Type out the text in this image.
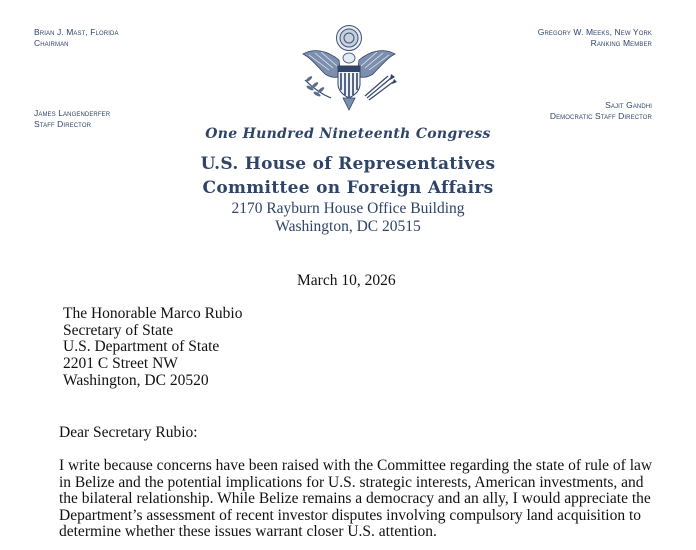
Brian J. Mast, Florida
Chairman
Gregory W. Meeks, New York
Ranking Member
James Langenderfer
Staff Director
Sajit Gandhi
Democratic Staff Director
One Hundred Nineteenth Congress
U.S. House of Representatives
Committee on Foreign Affairs
2170 Rayburn House Office Building
Washington, DC 20515
March 10, 2026
The Honorable Marco Rubio
Secretary of State
U.S. Department of State
2201 C Street NW
Washington, DC 20520
Dear Secretary Rubio:
I write because concerns have been raised with the Committee regarding the state of rule of law
in Belize and the potential implications for U.S. strategic interests, American investments, and
the bilateral relationship. While Belize remains a democracy and an ally, I would appreciate the
Department’s assessment of recent investor disputes involving compulsory land acquisition to
determine whether these issues warrant closer U.S. attention.
